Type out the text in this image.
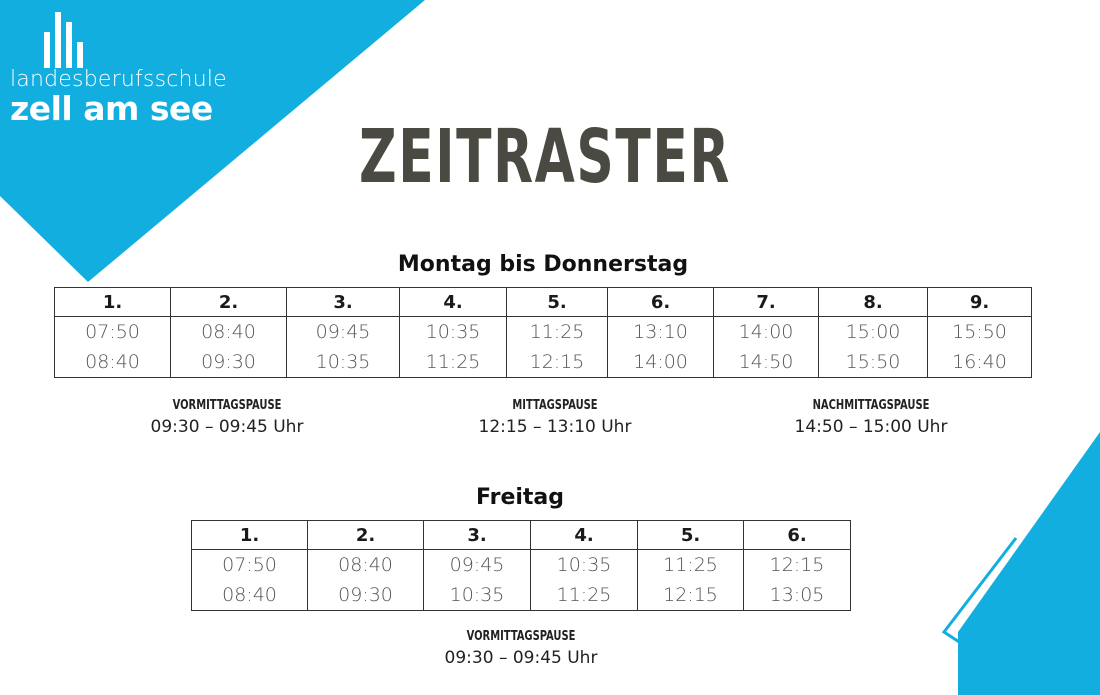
landesberufsschule
zell am see
ZEITRASTER
Montag bis Donnerstag
1.	2.	3.	4.	5.	6.	7.	8.	9.
07:50	08:40	09:45	10:35	11:25	13:10	14:00	15:00	15:50
08:40	09:30	10:35	11:25	12:15	14:00	14:50	15:50	16:40
VORMITTAGSPAUSE
09:30 – 09:45 Uhr
MITTAGSPAUSE
12:15 – 13:10 Uhr
NACHMITTAGSPAUSE
14:50 – 15:00 Uhr
Freitag
1.	2.	3.	4.	5.	6.
07:50	08:40	09:45	10:35	11:25	12:15
08:40	09:30	10:35	11:25	12:15	13:05
VORMITTAGSPAUSE
09:30 – 09:45 Uhr
